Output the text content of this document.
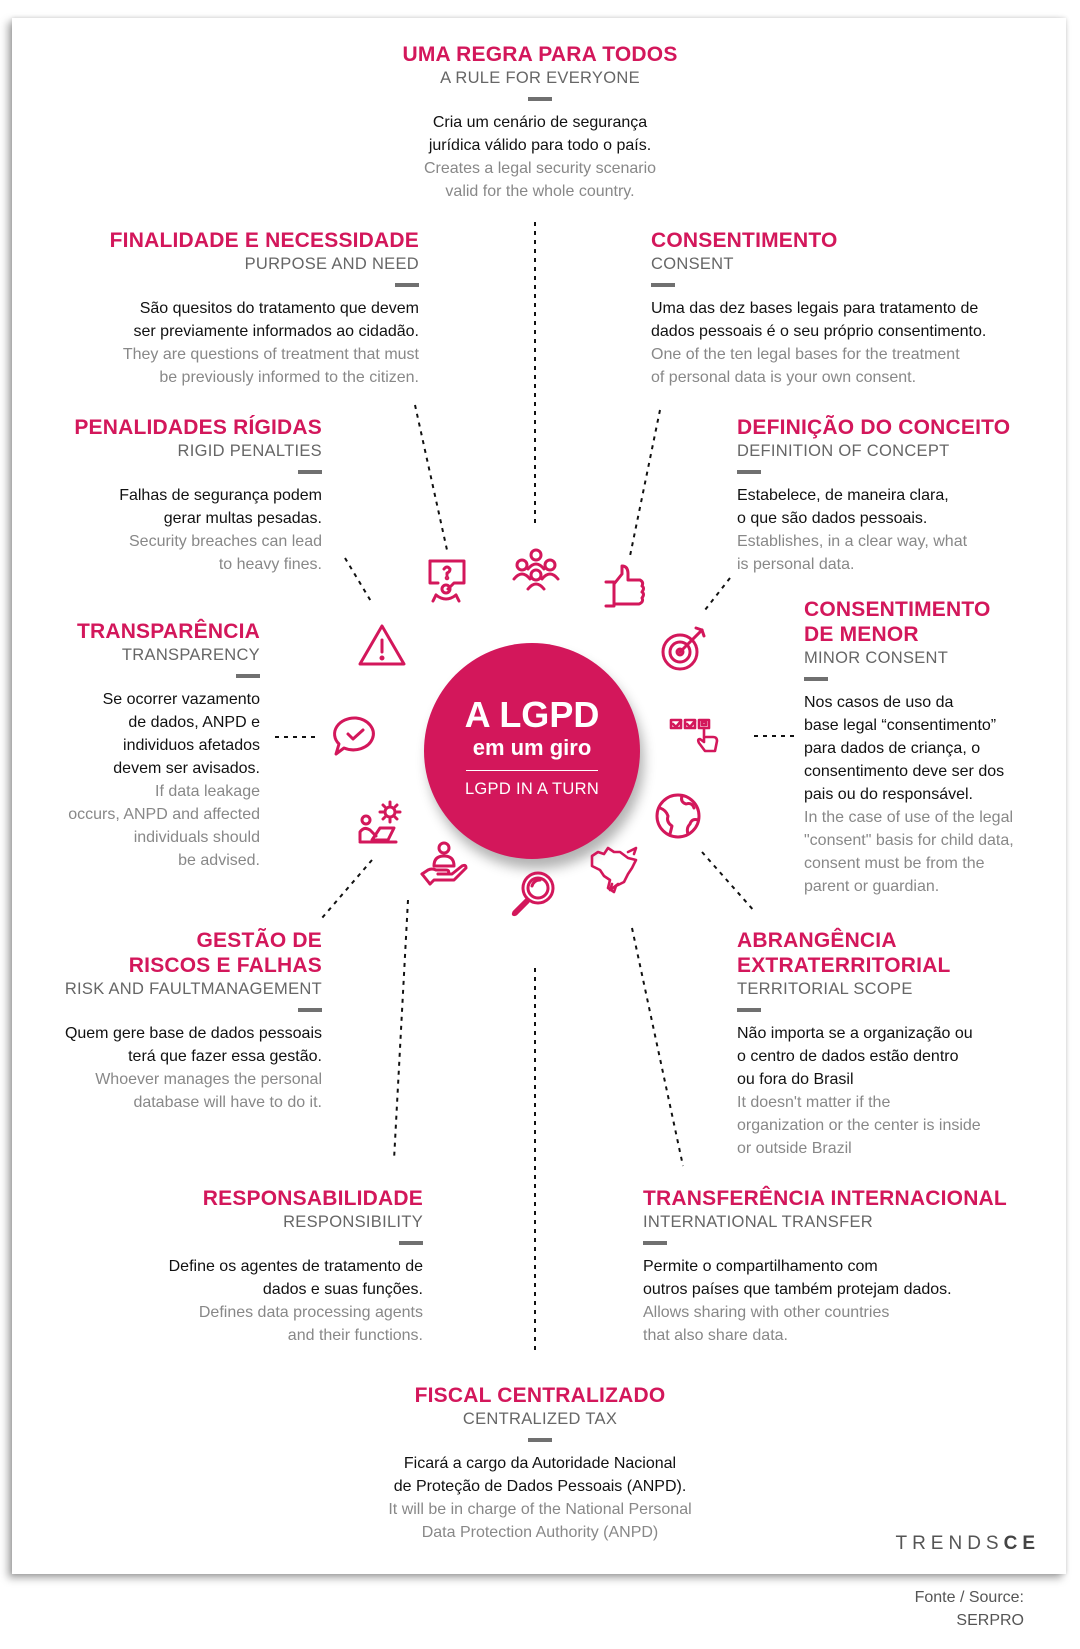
A LGPD
em um giro
LGPD IN A TURN
UMA REGRA PARA TODOS
A RULE FOR EVERYONE
Cria um cenário de segurança
jurídica válido para todo o país.
Creates a legal security scenario
valid for the whole country.
FINALIDADE E NECESSIDADE
PURPOSE AND NEED
São quesitos do tratamento que devem
ser previamente informados ao cidadão.
They are questions of treatment that must
be previously informed to the citizen.
CONSENTIMENTO
CONSENT
Uma das dez bases legais para tratamento de
dados pessoais é o seu próprio consentimento.
One of the ten legal bases for the treatment
of personal data is your own consent.
PENALIDADES RÍGIDAS
RIGID PENALTIES
Falhas de segurança podem
gerar multas pesadas.
Security breaches can lead
to heavy fines.
DEFINIÇÃO DO CONCEITO
DEFINITION OF CONCEPT
Estabelece, de maneira clara,
o que são dados pessoais.
Establishes, in a clear way, what
is personal data.
TRANSPARÊNCIA
TRANSPARENCY
Se ocorrer vazamento
de dados, ANPD e
individuos afetados
devem ser avisados.
If data leakage
occurs, ANPD and affected
individuals should
be advised.
CONSENTIMENTO
DE MENOR
MINOR CONSENT
Nos casos de uso da
base legal “consentimento”
para dados de criança, o
consentimento deve ser dos
pais ou do responsável.
In the case of use of the legal
"consent" basis for child data,
consent must be from the
parent or guardian.
GESTÃO DE
RISCOS E FALHAS
RISK AND FAULTMANAGEMENT
Quem gere base de dados pessoais
terá que fazer essa gestão.
Whoever manages the personal
database will have to do it.
ABRANGÊNCIA
EXTRATERRITORIAL
TERRITORIAL SCOPE
Não importa se a organização ou
o centro de dados estão dentro
ou fora do Brasil
It doesn't matter if the
organization or the center is inside
or outside Brazil
RESPONSABILIDADE
RESPONSIBILITY
Define os agentes de tratamento de
dados e suas funções.
Defines data processing agents
and their functions.
TRANSFERÊNCIA INTERNACIONAL
INTERNATIONAL TRANSFER
Permite o compartilhamento com
outros países que também protejam dados.
Allows sharing with other countries
that also share data.
FISCAL CENTRALIZADO
CENTRALIZED TAX
Ficará a cargo da Autoridade Nacional
de Proteção de Dados Pessoais (ANPD).
It will be in charge of the National Personal
Data Protection Authority (ANPD)
TRENDSCE
Fonte / Source:
SERPRO
